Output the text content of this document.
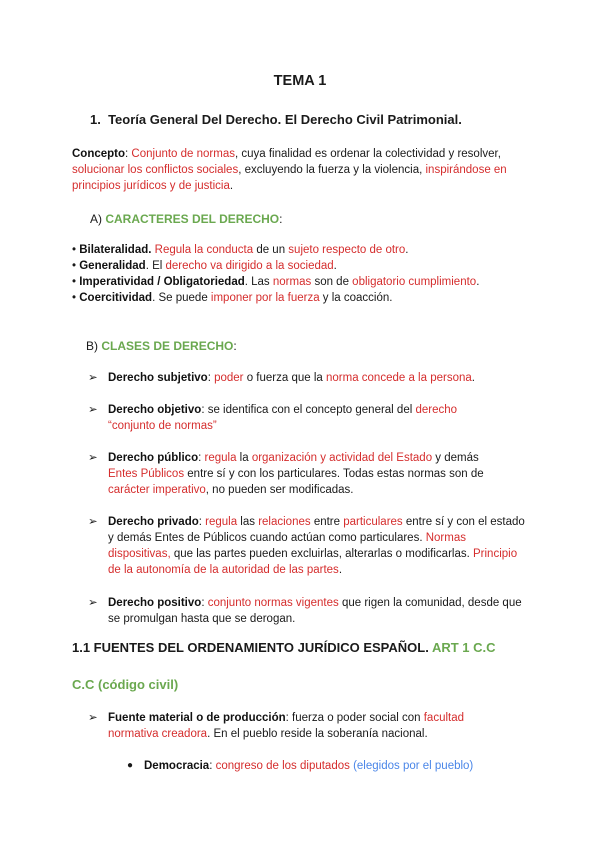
TEMA 1
1. Teoría General Del Derecho. El Derecho Civil Patrimonial.
Concepto: Conjunto de normas, cuya finalidad es ordenar la colectividad y resolver, solucionar los conflictos sociales, excluyendo la fuerza y la violencia, inspirándose en principios jurídicos y de justicia.
A) CARACTERES DEL DERECHO:
• Bilateralidad. Regula la conducta de un sujeto respecto de otro.
• Generalidad. El derecho va dirigido a la sociedad.
• Imperatividad / Obligatoriedad. Las normas son de obligatorio cumplimiento.
• Coercitividad. Se puede imponer por la fuerza y la coacción.
B) CLASES DE DERECHO:
➢ Derecho subjetivo: poder o fuerza que la norma concede a la persona.
➢ Derecho objetivo: se identifica con el concepto general del derecho “conjunto de normas”
➢ Derecho público: regula la organización y actividad del Estado y demás Entes Públicos entre sí y con los particulares. Todas estas normas son de carácter imperativo, no pueden ser modificadas.
➢ Derecho privado: regula las relaciones entre particulares entre sí y con el estado y demás Entes de Públicos cuando actúan como particulares. Normas dispositivas, que las partes pueden excluirlas, alterarlas o modificarlas. Principio de la autonomía de la autoridad de las partes.
➢ Derecho positivo: conjunto normas vigentes que rigen la comunidad, desde que se promulgan hasta que se derogan.
1.1 FUENTES DEL ORDENAMIENTO JURÍDICO ESPAÑOL. ART 1 C.C
C.C (código civil)
➢ Fuente material o de producción: fuerza o poder social con facultad normativa creadora. En el pueblo reside la soberanía nacional.
● Democracia: congreso de los diputados (elegidos por el pueblo)
